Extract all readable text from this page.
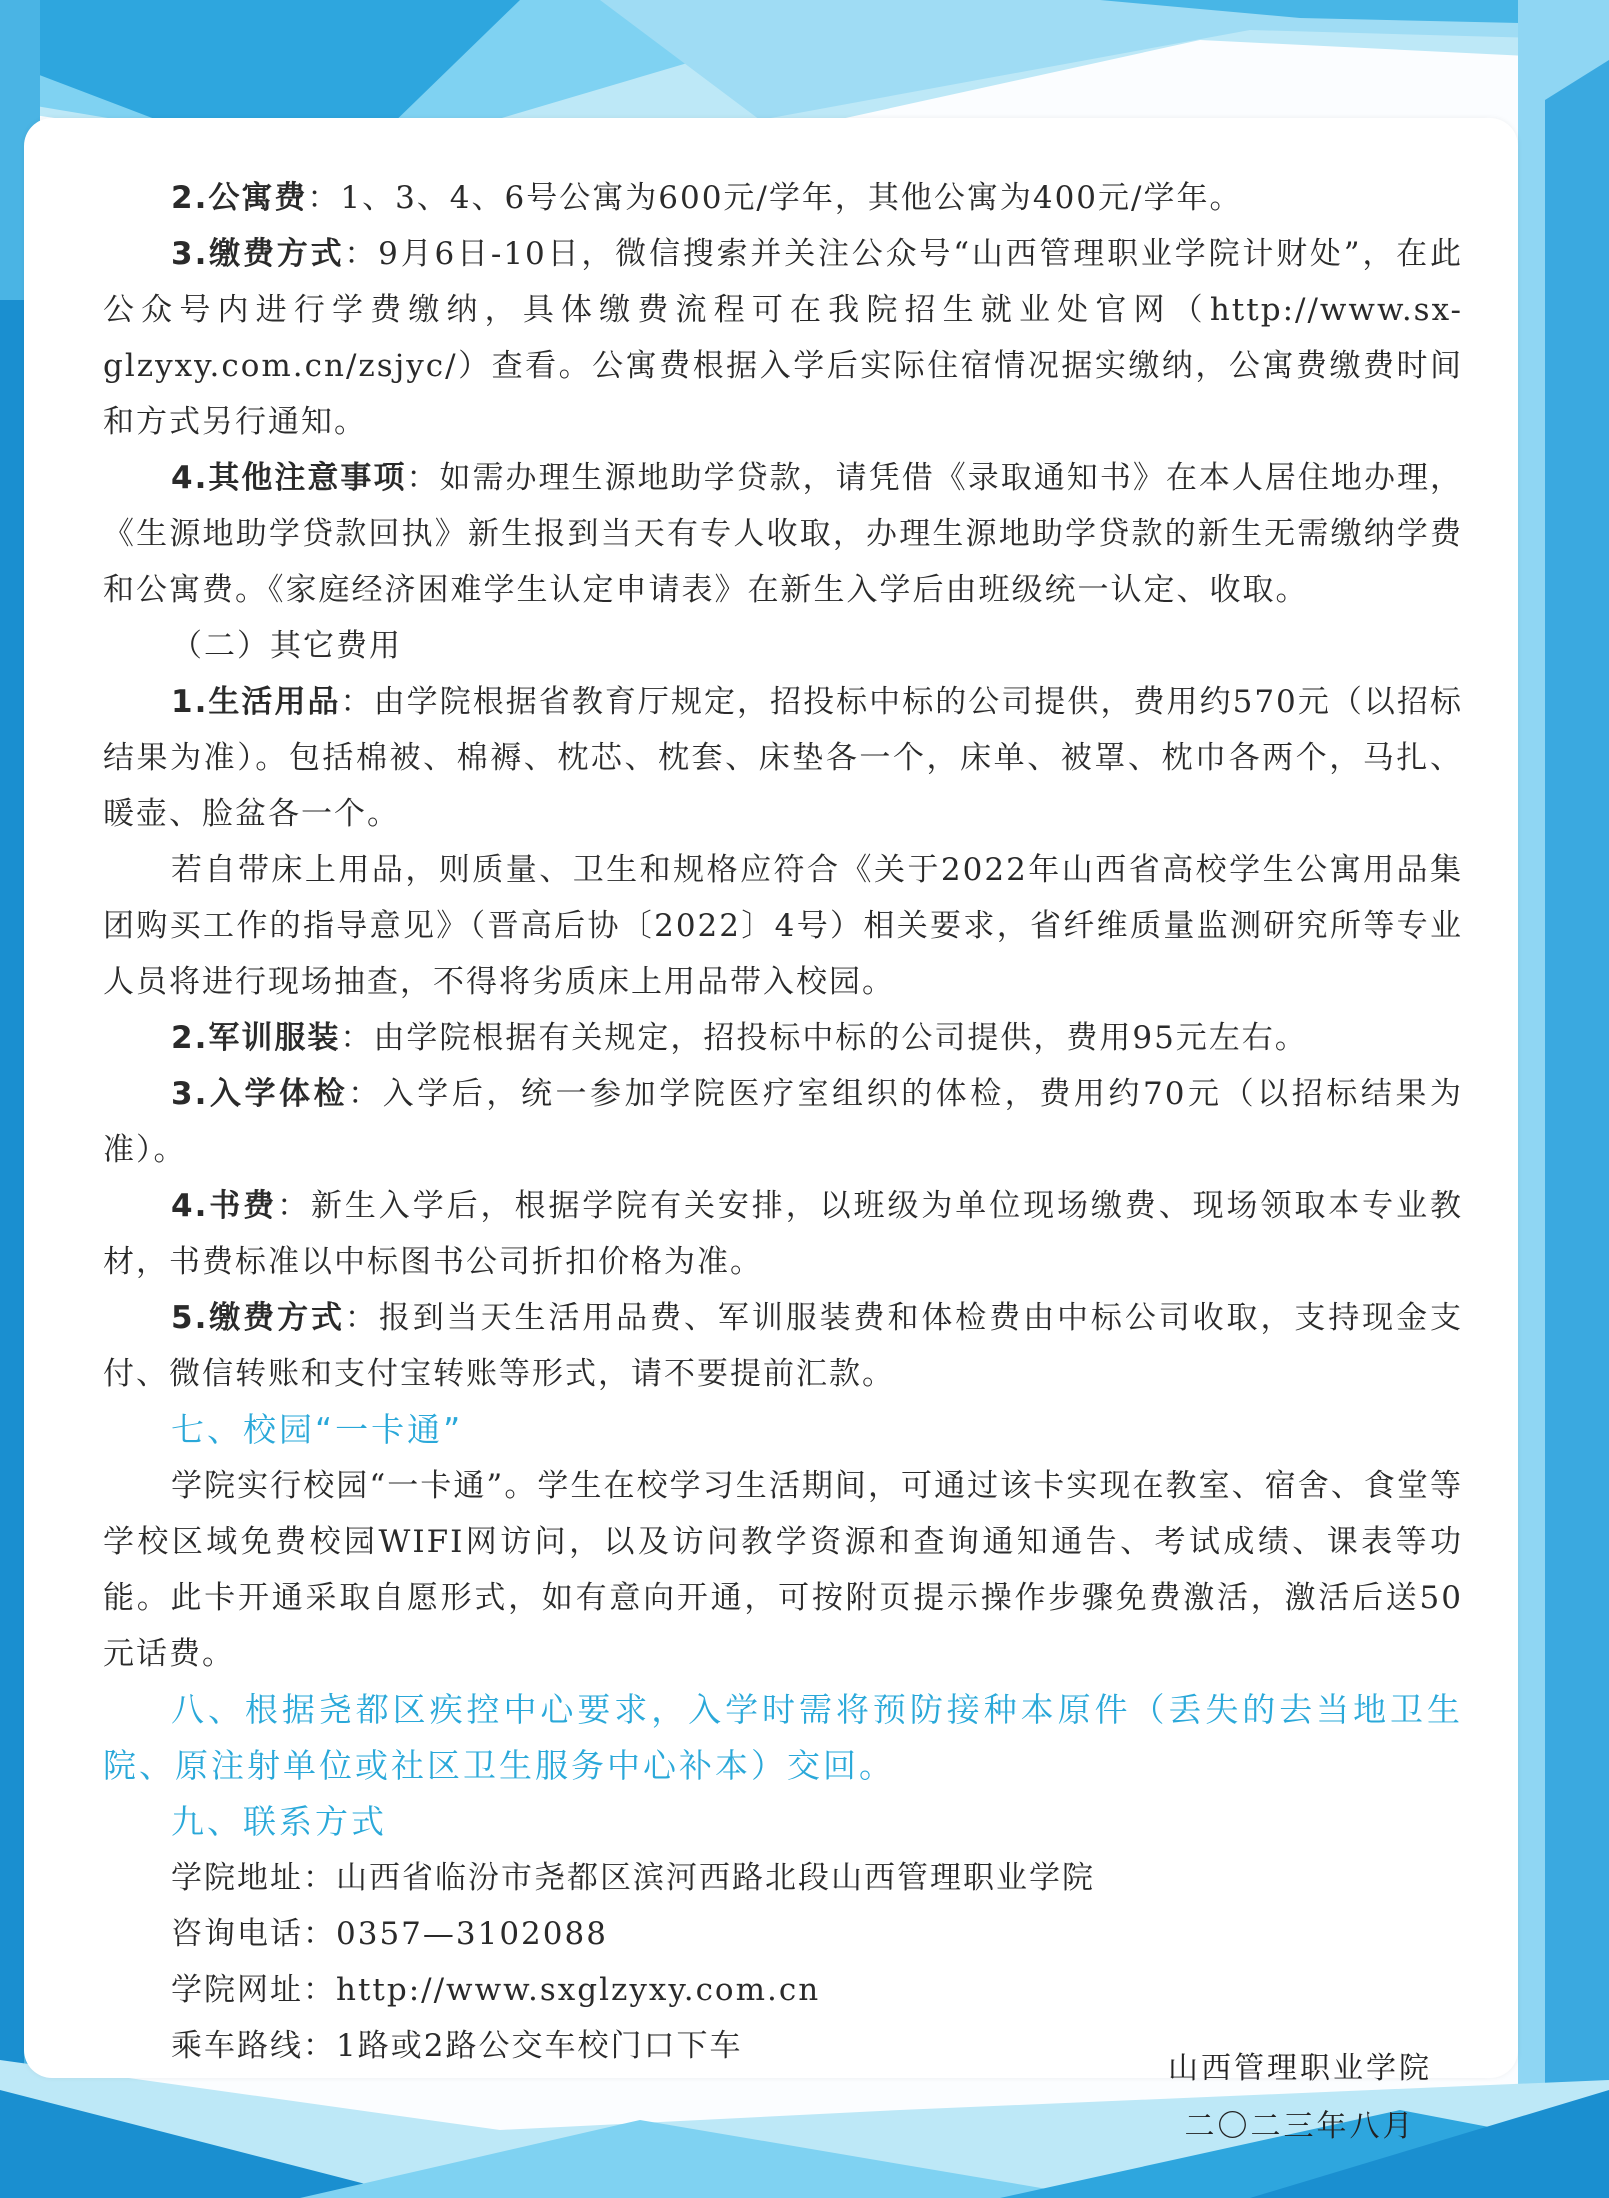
2.公寓费：1、3、4、6号公寓为600元/学年，其他公寓为400元/学年。

3.缴费方式：9月6日-10日，微信搜索并关注公众号“山西管理职业学院计财处”，在此公众号内进行学费缴纳，具体缴费流程可在我院招生就业处官网（http://www.sx-glzyxy.com.cn/zsjyc/）查看。公寓费根据入学后实际住宿情况据实缴纳，公寓费缴费时间和方式另行通知。

4.其他注意事项：如需办理生源地助学贷款，请凭借《录取通知书》在本人居住地办理，《生源地助学贷款回执》新生报到当天有专人收取，办理生源地助学贷款的新生无需缴纳学费和公寓费。《家庭经济困难学生认定申请表》在新生入学后由班级统一认定、收取。

（二）其它费用

1.生活用品：由学院根据省教育厅规定，招投标中标的公司提供，费用约570元（以招标结果为准）。包括棉被、棉褥、枕芯、枕套、床垫各一个，床单、被罩、枕巾各两个，马扎、暖壶、脸盆各一个。

若自带床上用品，则质量、卫生和规格应符合《关于2022年山西省高校学生公寓用品集团购买工作的指导意见》（晋高后协〔2022〕4号）相关要求，省纤维质量监测研究所等专业人员将进行现场抽查，不得将劣质床上用品带入校园。

2.军训服装：由学院根据有关规定，招投标中标的公司提供，费用95元左右。

3.入学体检：入学后，统一参加学院医疗室组织的体检，费用约70元（以招标结果为准）。

4.书费：新生入学后，根据学院有关安排，以班级为单位现场缴费、现场领取本专业教材，书费标准以中标图书公司折扣价格为准。

5.缴费方式：报到当天生活用品费、军训服装费和体检费由中标公司收取，支持现金支付、微信转账和支付宝转账等形式，请不要提前汇款。

七、校园“一卡通”

学院实行校园“一卡通”。学生在校学习生活期间，可通过该卡实现在教室、宿舍、食堂等学校区域免费校园WIFI网访问，以及访问教学资源和查询通知通告、考试成绩、课表等功能。此卡开通采取自愿形式，如有意向开通，可按附页提示操作步骤免费激活，激活后送50元话费。

八、根据尧都区疾控中心要求，入学时需将预防接种本原件（丢失的去当地卫生院、原注射单位或社区卫生服务中心补本）交回。

九、联系方式

学院地址：山西省临汾市尧都区滨河西路北段山西管理职业学院

咨询电话：0357—3102088

学院网址：http://www.sxglzyxy.com.cn

乘车路线：1路或2路公交车校门口下车

山西管理职业学院
二〇二三年八月
